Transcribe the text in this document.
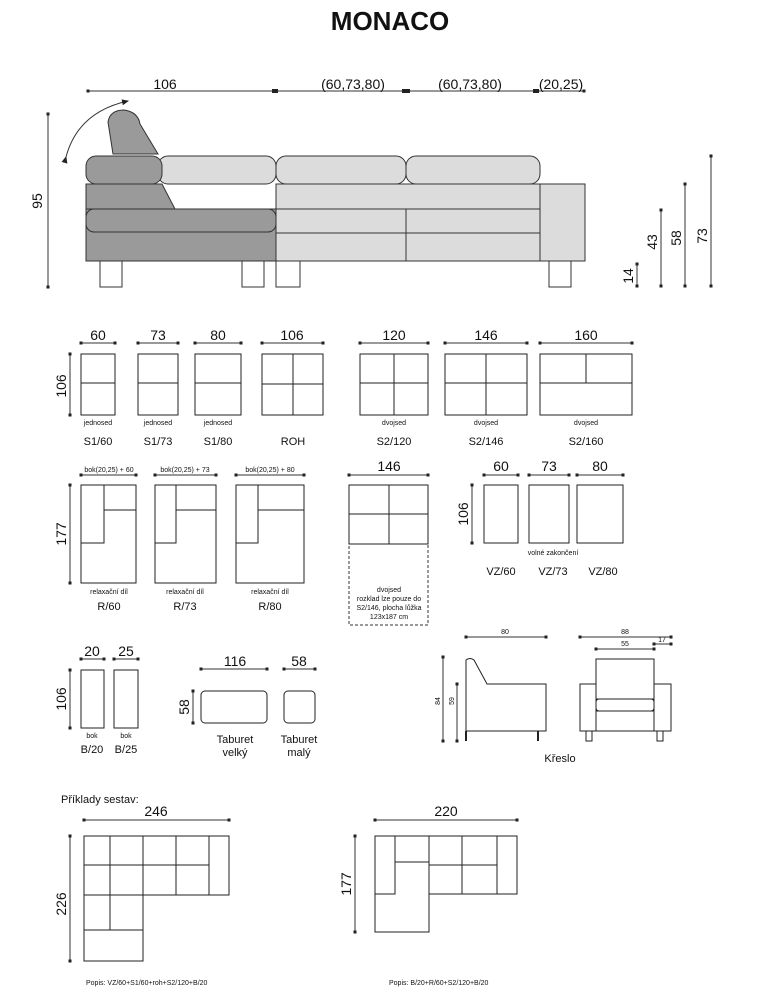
MONACO
106	(60,73,80)	(60,73,80)	(20,25)
95
14
43 58 73
106
60
jednosed
S1/60
73
jednosed
S1/73
80
jednosed
S1/80
106
ROH
120
dvojsed
S2/120
146
dvojsed
S2/146
160
dvojsed
S2/160
177
bok(20,25) + 60
relaxační díl
R/60
bok(20,25) + 73
relaxační díl
R/73
bok(20,25) + 80
relaxační díl
R/80
146
dvojsed
rozklad lze pouze do
S2/146, plocha lůžka
123x187 cm
106
60 73	80
volné zakončení
VZ/60 VZ/73 VZ/80
106
20 25
bok	bok
B/20 B/25
116	58
58
Taburet
velký
Taburet
malý
80
84 59
88
55
17
Křeslo
Příklady sestav:
246
226
Popis: VZ/60+S1/60+roh+S2/120+B/20
220
177
Popis: B/20+R/60+S2/120+B/20
